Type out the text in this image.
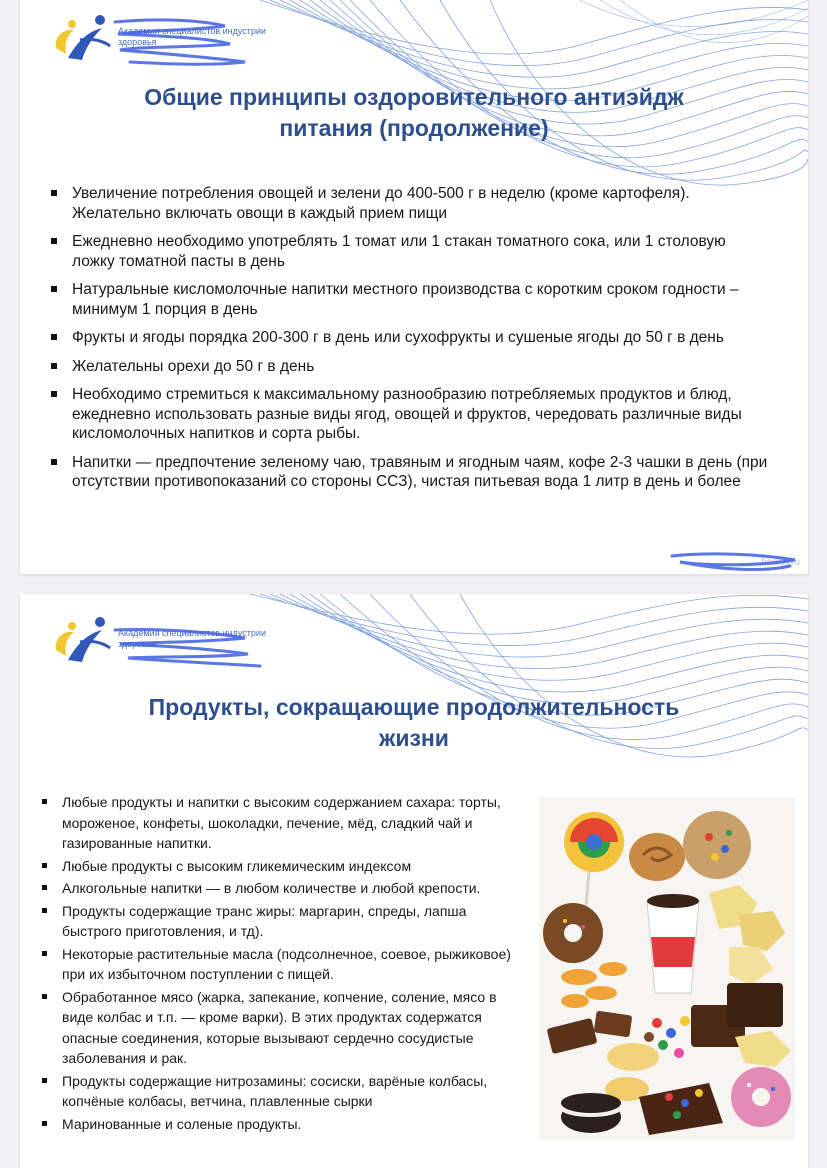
Академия специалистов индустрии здоровья
Общие принципы оздоровительного антиэйдж
питания (продолжение)
Увеличение потребления овощей и зелени до 400-500 г в неделю (кроме картофеля). Желательно включать овощи в каждый прием пищи
Ежедневно необходимо употреблять 1 томат или 1 стакан томатного сока, или 1 столовую ложку томатной пасты в день
Натуральные кисломолочные напитки местного производства с коротким сроком годности – минимум 1 порция в день
Фрукты и ягоды порядка 200-300 г в день или сухофрукты и сушеные ягоды до 50 г в день
Желательны орехи до 50 г в день
Необходимо стремиться к максимальному разнообразию потребляемых продуктов и блюд, ежедневно использовать разные виды ягод, овощей и фруктов, чередовать различные виды кисломолочных напитков и сорта рыбы.
Напитки — предпочтение зеленому чаю, травяным и ягодным чаям, кофе 2-3 чашки в день (при отсутствии противопоказаний со стороны ССЗ), чистая питьевая вода 1 литр в день и более
health.ru
Академия специалистов индустрии здоровья
Продукты, сокращающие продолжительность
жизни
Любые продукты и напитки с высоким содержанием сахара: торты, мороженое, конфеты, шоколадки, печение, мёд, сладкий чай и газированные напитки.
Любые продукты с высоким гликемическим индексом
Алкогольные напитки — в любом количестве и любой крепости.
Продукты содержащие транс жиры: маргарин, спреды, лапша быстрого приготовления, и тд).
Некоторые растительные масла (подсолнечное, соевое, рыжиковое) при их избыточном поступлении с пищей.
Обработанное мясо (жарка, запекание, копчение, соление, мясо в виде колбас и т.п. — кроме варки). В этих продуктах содержатся опасные соединения, которые вызывают сердечно сосудистые заболевания и рак.
Продукты содержащие нитрозамины: сосиски, варёные колбасы, копчёные колбасы, ветчина, плавленные сырки
Маринованные и соленые продукты.
